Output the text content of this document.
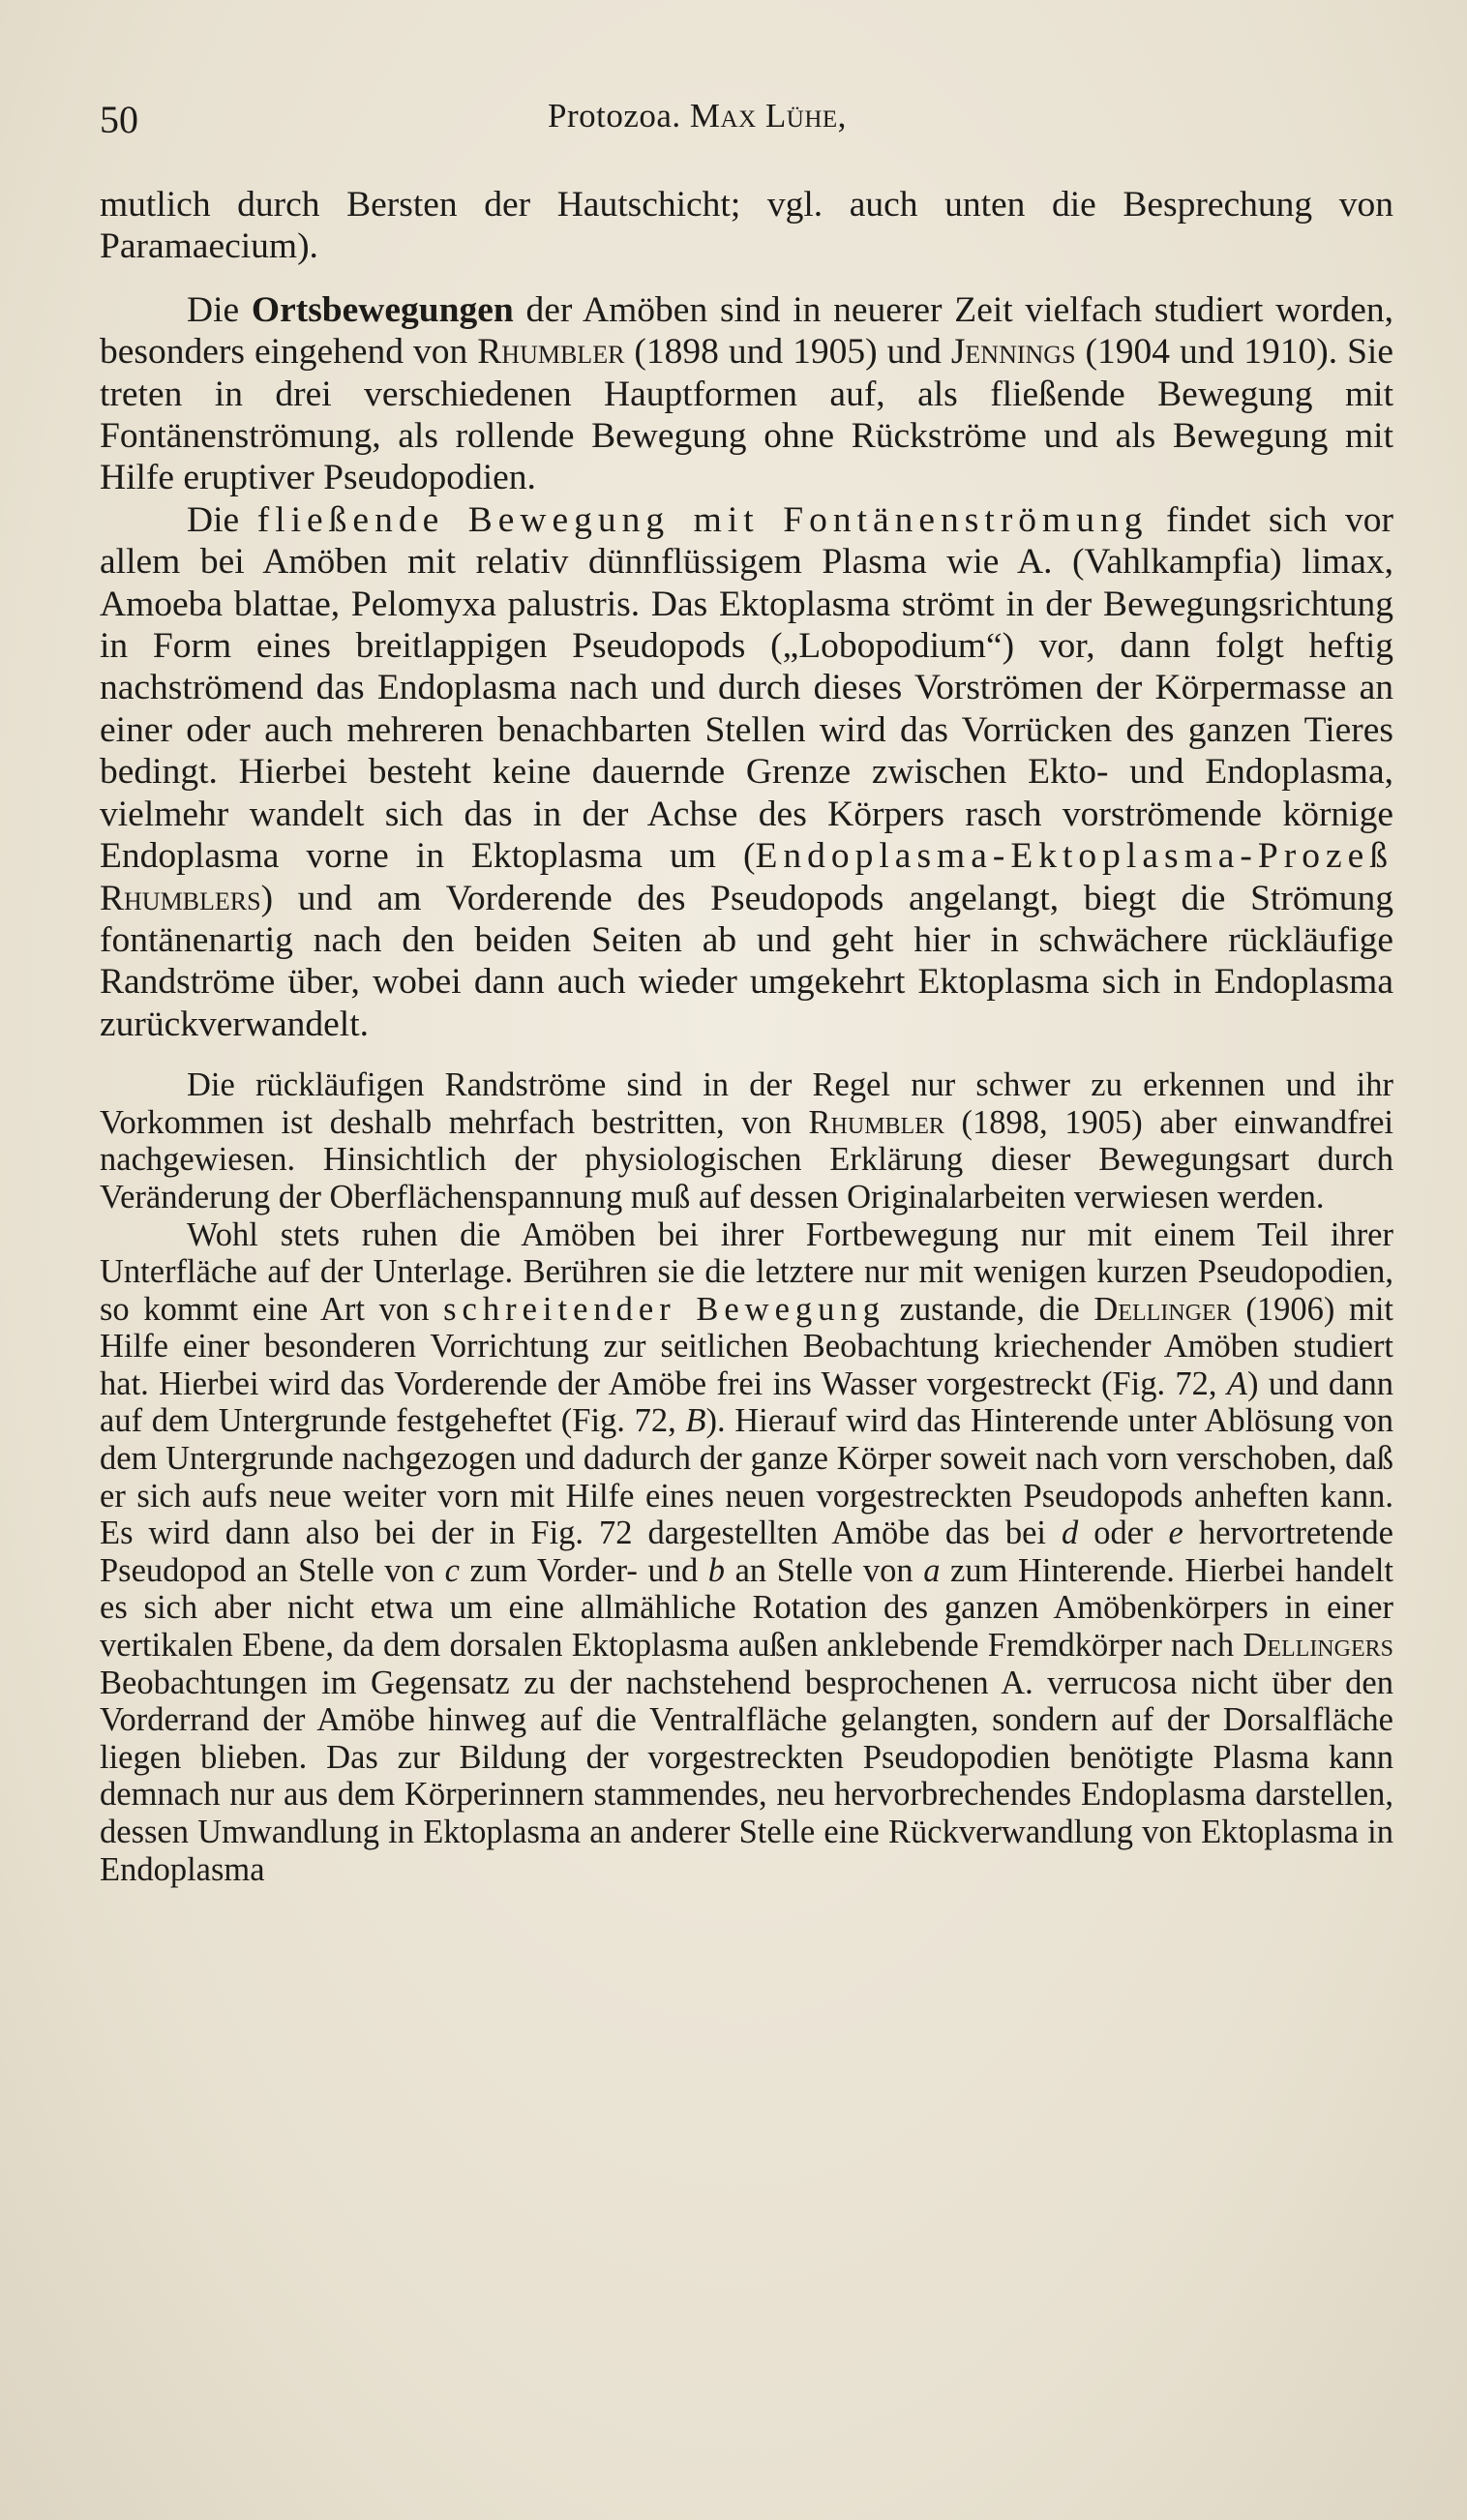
50	Protozoa. Max Lühe,

mutlich durch Bersten der Hautschicht; vgl. auch unten die Besprechung von Paramaecium).

Die Ortsbewegungen der Amöben sind in neuerer Zeit vielfach studiert worden, besonders eingehend von Rhumbler (1898 und 1905) und Jennings (1904 und 1910). Sie treten in drei verschiedenen Hauptformen auf, als fließende Bewegung mit Fontänenströmung, als rollende Bewegung ohne Rückströme und als Bewegung mit Hilfe eruptiver Pseudopodien.

Die fließende Bewegung mit Fontänenströmung findet sich vor allem bei Amöben mit relativ dünnflüssigem Plasma wie A. (Vahlkampfia) limax, Amoeba blattae, Pelomyxa palustris. Das Ektoplasma strömt in der Bewegungsrichtung in Form eines breitlappigen Pseudopods („Lobopodium“) vor, dann folgt heftig nachströmend das Endoplasma nach und durch dieses Vorströmen der Körpermasse an einer oder auch mehreren benachbarten Stellen wird das Vorrücken des ganzen Tieres bedingt. Hierbei besteht keine dauernde Grenze zwischen Ekto- und Endoplasma, vielmehr wandelt sich das in der Achse des Körpers rasch vorströmende körnige Endoplasma vorne in Ektoplasma um (Endoplasma-Ektoplasma-Prozeß Rhumblers) und am Vorderende des Pseudopods angelangt, biegt die Strömung fontänenartig nach den beiden Seiten ab und geht hier in schwächere rückläufige Randströme über, wobei dann auch wieder umgekehrt Ektoplasma sich in Endoplasma zurückverwandelt.

Die rückläufigen Randströme sind in der Regel nur schwer zu erkennen und ihr Vorkommen ist deshalb mehrfach bestritten, von Rhumbler (1898, 1905) aber einwandfrei nachgewiesen. Hinsichtlich der physiologischen Erklärung dieser Bewegungsart durch Veränderung der Oberflächenspannung muß auf dessen Originalarbeiten verwiesen werden.

Wohl stets ruhen die Amöben bei ihrer Fortbewegung nur mit einem Teil ihrer Unterfläche auf der Unterlage. Berühren sie die letztere nur mit wenigen kurzen Pseudopodien, so kommt eine Art von schreitender Bewegung zustande, die Dellinger (1906) mit Hilfe einer besonderen Vorrichtung zur seitlichen Beobachtung kriechender Amöben studiert hat. Hierbei wird das Vorderende der Amöbe frei ins Wasser vorgestreckt (Fig. 72, A) und dann auf dem Untergrunde festgeheftet (Fig. 72, B). Hierauf wird das Hinterende unter Ablösung von dem Untergrunde nachgezogen und dadurch der ganze Körper soweit nach vorn verschoben, daß er sich aufs neue weiter vorn mit Hilfe eines neuen vorgestreckten Pseudopods anheften kann. Es wird dann also bei der in Fig. 72 dargestellten Amöbe das bei d oder e hervortretende Pseudopod an Stelle von c zum Vorder- und b an Stelle von a zum Hinterende. Hierbei handelt es sich aber nicht etwa um eine allmähliche Rotation des ganzen Amöbenkörpers in einer vertikalen Ebene, da dem dorsalen Ektoplasma außen anklebende Fremdkörper nach Dellingers Beobachtungen im Gegensatz zu der nachstehend besprochenen A. verrucosa nicht über den Vorderrand der Amöbe hinweg auf die Ventralfläche gelangten, sondern auf der Dorsalfläche liegen blieben. Das zur Bildung der vorgestreckten Pseudopodien benötigte Plasma kann demnach nur aus dem Körperinnern stammendes, neu hervorbrechendes Endoplasma darstellen, dessen Umwandlung in Ektoplasma an anderer Stelle eine Rückverwandlung von Ektoplasma in Endoplasma
